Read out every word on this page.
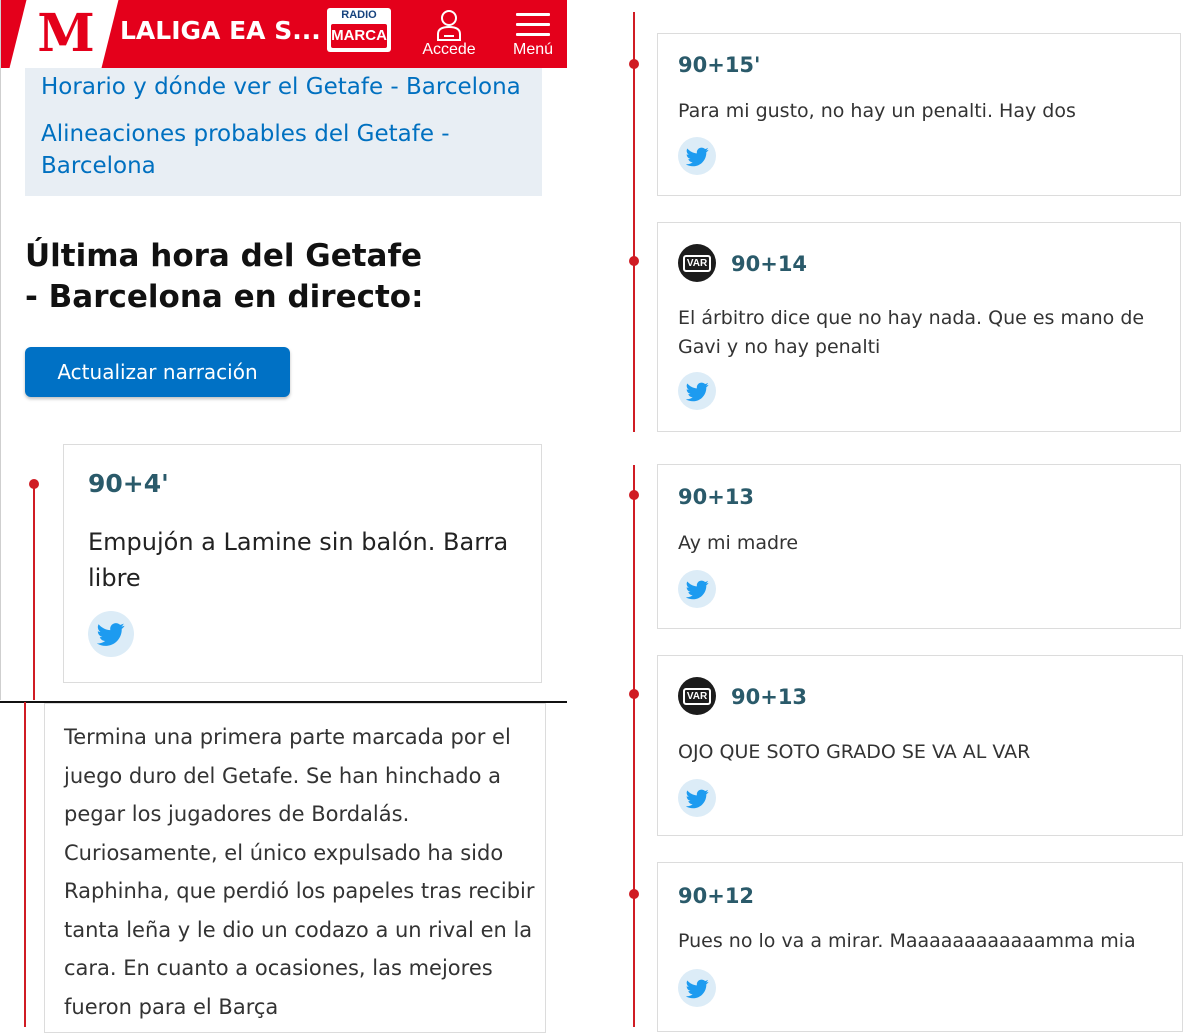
M LALIGA EA S...
RADIO
MARCA
Accede	Menú
Horario y dónde ver el Getafe - Barcelona
Alineaciones probables del Getafe -
Barcelona
Última hora del Getafe - Barcelona en directo:
Actualizar narración
90+4'
Empujón a Lamine sin balón. Barra libre
Termina una primera parte marcada por el juego duro del Getafe. Se han hinchado a pegar los jugadores de Bordalás. Curiosamente, el único expulsado ha sido Raphinha, que perdió los papeles tras recibir tanta leña y le dio un codazo a un rival en la cara. En cuanto a ocasiones, las mejores fueron para el Barça
90+15'
Para mi gusto, no hay un penalti. Hay dos
VAR 90+14
El árbitro dice que no hay nada. Que es mano de Gavi y no hay penalti
90+13
Ay mi madre
VAR 90+13
OJO QUE SOTO GRADO SE VA AL VAR
90+12
Pues no lo va a mirar. Maaaaaaaaaaaamma mia
